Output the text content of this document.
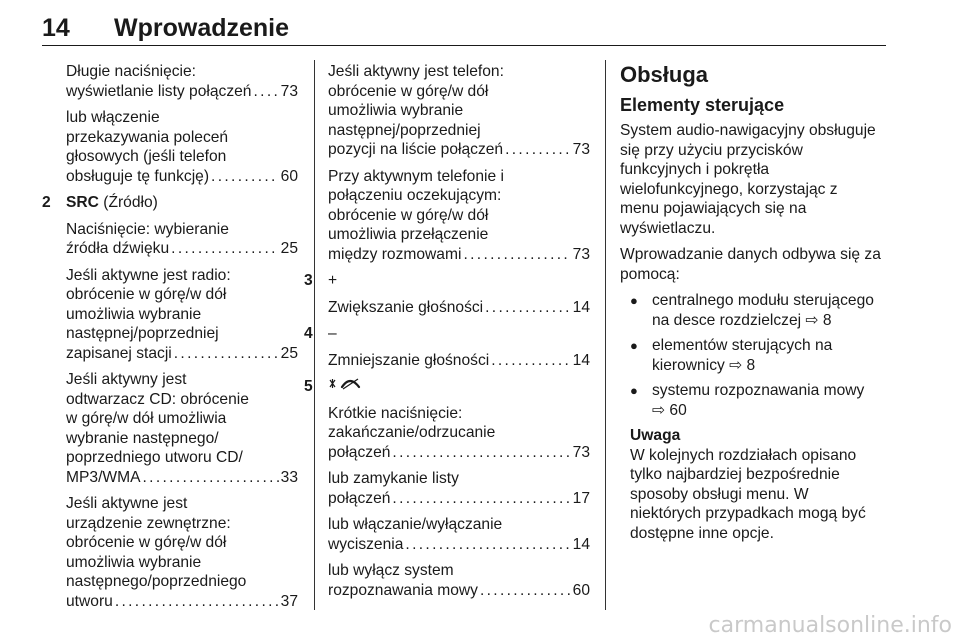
14 Wprowadzenie
Długie naciśnięcie:
wyświetlanie listy połączeń . . . 73
lub włączenie
przekazywania poleceń
głosowych (jeśli telefon
obsługuje tę funkcję) . . .	60
2 SRC (Źródło)
Naciśnięcie: wybieranie
źródła dźwięku . . .	25
Jeśli aktywne jest radio:
obrócenie w górę/w dół
umożliwia wybranie
następnej/poprzedniej
zapisanej stacji . . .	25
Jeśli aktywny jest
odtwarzacz CD: obrócenie
w górę/w dół umożliwia
wybranie następnego/
poprzedniego utworu CD/
MP3/WMA . . .	33
Jeśli aktywne jest
urządzenie zewnętrzne:
obrócenie w górę/w dół
umożliwia wybranie
następnego/poprzedniego
utworu . . .	37
Jeśli aktywny jest telefon:
obrócenie w górę/w dół
umożliwia wybranie
następnej/poprzedniej
pozycji na liście połączeń . . .	73
Przy aktywnym telefonie i
połączeniu oczekującym:
obrócenie w górę/w dół
umożliwia przełączenie
między rozmowami . . .	73
3 +
Zwiększanie głośności . . .	14
4 –
Zmniejszanie głośności . . .	14
5
Krótkie naciśnięcie:
zakańczanie/odrzucanie
połączeń . . .	73
lub zamykanie listy
połączeń . . .	17
lub włączanie/wyłączanie
wyciszenia . . .	14
lub wyłącz system
rozpoznawania mowy . . .	60
Obsługa
Elementy sterujące
System audio-nawigacyjny obsługuje
się przy użyciu przycisków
funkcyjnych i pokrętła
wielofunkcyjnego, korzystając z
menu pojawiających się na
wyświetlaczu.
Wprowadzanie danych odbywa się za
pomocą:
● centralnego modułu sterującego
na desce rozdzielczej ⇨ 8
● elementów sterujących na
kierownicy ⇨ 8
● systemu rozpoznawania mowy
⇨ 60
Uwaga
W kolejnych rozdziałach opisano
tylko najbardziej bezpośrednie
sposoby obsługi menu. W
niektórych przypadkach mogą być
dostępne inne opcje.
carmanualsonline.info
